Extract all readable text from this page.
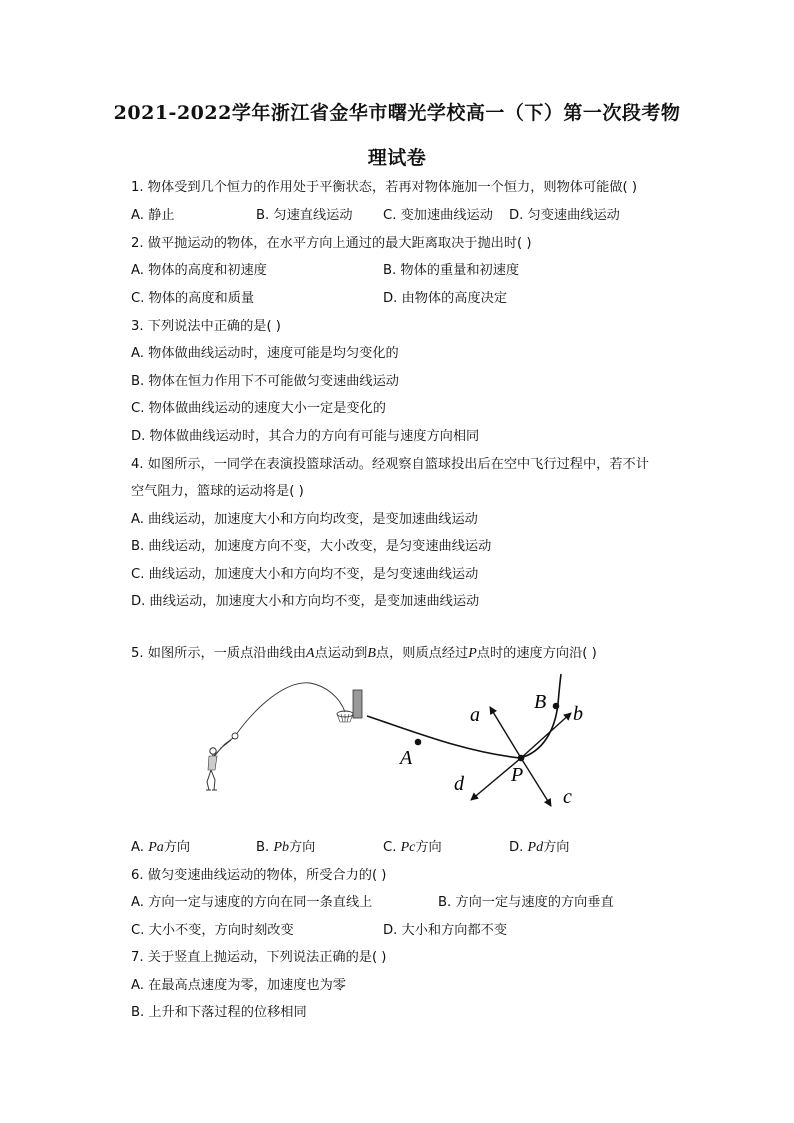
2021-2022学年浙江省金华市曙光学校高一（下）第一次段考物
理试卷
1. 物体受到几个恒力的作用处于平衡状态，若再对物体施加一个恒力，则物体可能做( )
A. 静止	B. 匀速直线运动 C. 变加速曲线运动 D. 匀变速曲线运动
2. 做平抛运动的物体，在水平方向上通过的最大距离取决于抛出时( )
A. 物体的高度和初速度	B. 物体的重量和初速度
C. 物体的高度和质量	D. 由物体的高度决定
3. 下列说法中正确的是( )
A. 物体做曲线运动时，速度可能是均匀变化的
B. 物体在恒力作用下不可能做匀变速曲线运动
C. 物体做曲线运动的速度大小一定是变化的
D. 物体做曲线运动时，其合力的方向有可能与速度方向相同
4. 如图所示，一同学在表演投篮球活动。经观察自篮球投出后在空中飞行过程中，若不计
空气阻力，篮球的运动将是( )
A. 曲线运动，加速度大小和方向均改变，是变加速曲线运动
B. 曲线运动，加速度方向不变，大小改变，是匀变速曲线运动
C. 曲线运动，加速度大小和方向均不变，是匀变速曲线运动
D. 曲线运动，加速度大小和方向均不变，是变加速曲线运动
5. 如图所示，一质点沿曲线由A点运动到B点，则质点经过P点时的速度方向沿( )
a	b
c
d
A
B
P
A. Pa方向	B. Pb方向	C. Pc方向	D. Pd方向
6. 做匀变速曲线运动的物体，所受合力的( )
A. 方向一定与速度的方向在同一条直线上	B. 方向一定与速度的方向垂直
C. 大小不变，方向时刻改变	D. 大小和方向都不变
7. 关于竖直上抛运动，下列说法正确的是( )
A. 在最高点速度为零，加速度也为零
B. 上升和下落过程的位移相同
